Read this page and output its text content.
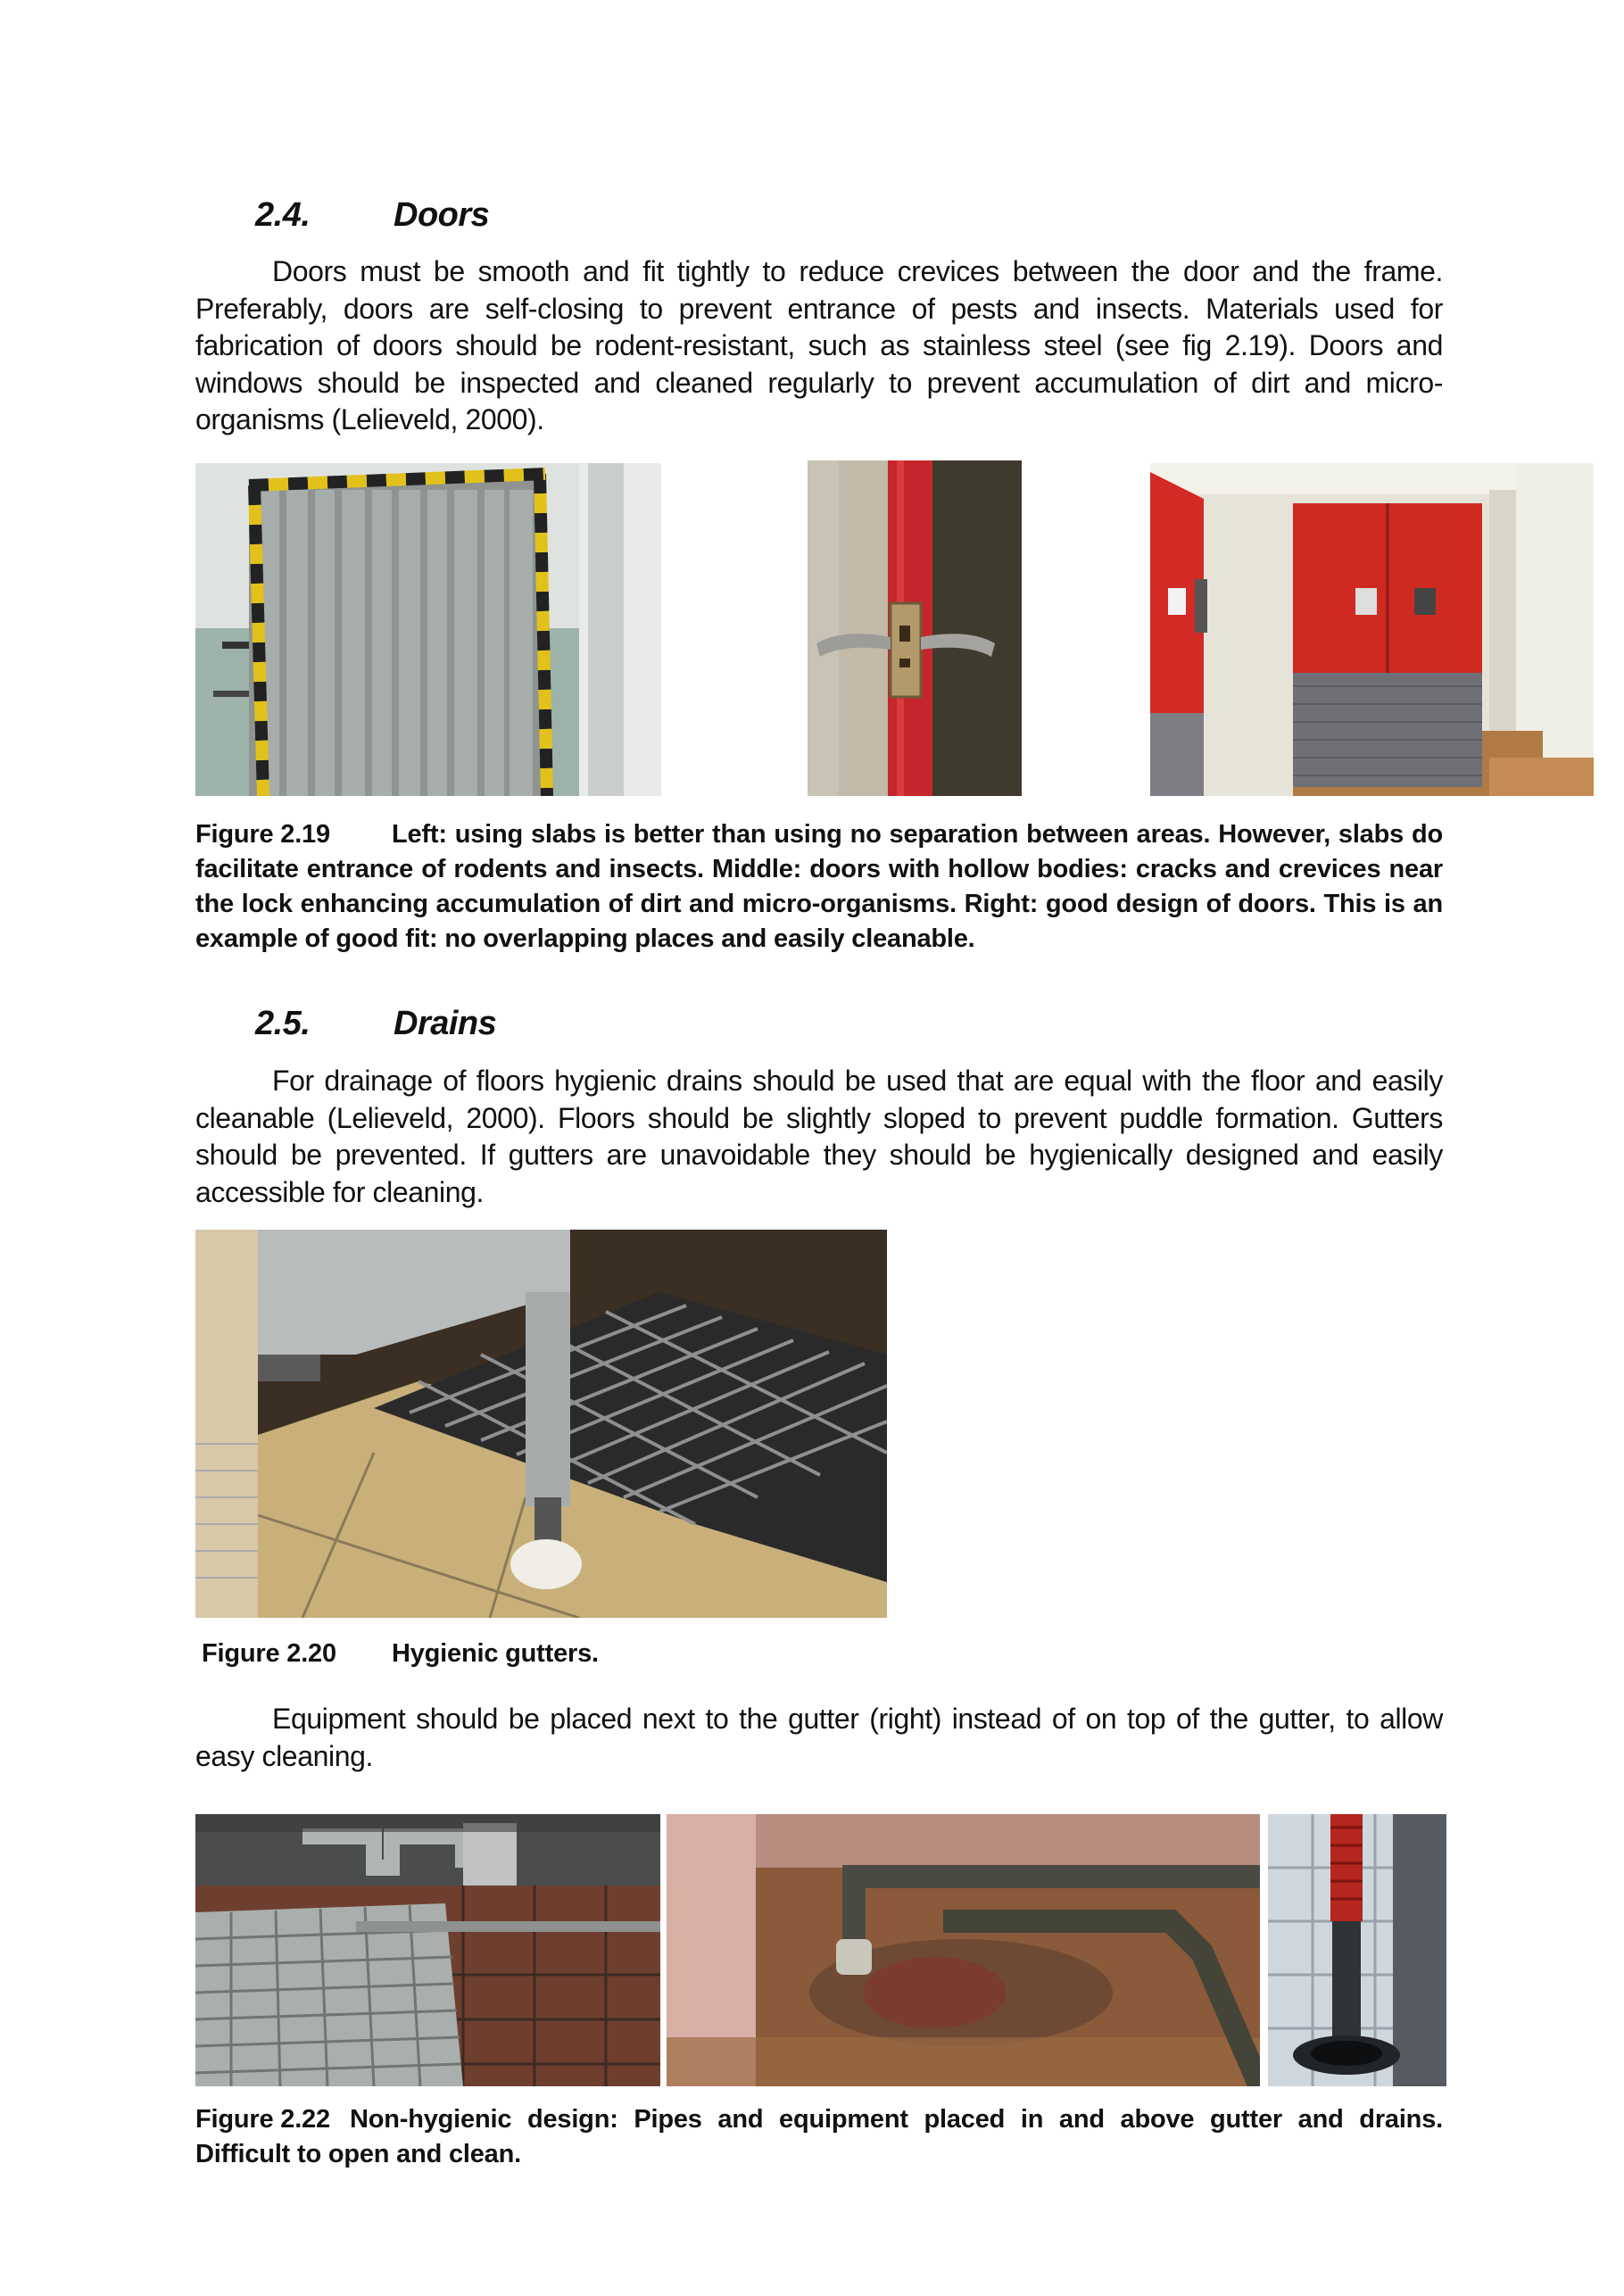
2.4. Doors

Doors must be smooth and fit tightly to reduce crevices between the door and the frame. Preferably, doors are self-closing to prevent entrance of pests and insects. Materials used for fabrication of doors should be rodent-resistant, such as stainless steel (see fig 2.19). Doors and windows should be inspected and cleaned regularly to prevent accumulation of dirt and micro-organisms (Lelieveld, 2000).

Figure 2.19 Left: using slabs is better than using no separation between areas. However, slabs do facilitate entrance of rodents and insects. Middle: doors with hollow bodies: cracks and crevices near the lock enhancing accumulation of dirt and micro-organisms. Right: good design of doors. This is an example of good fit: no overlapping places and easily cleanable.
2.5. Drains

For drainage of floors hygienic drains should be used that are equal with the floor and easily cleanable (Lelieveld, 2000). Floors should be slightly sloped to prevent puddle formation. Gutters should be prevented. If gutters are unavoidable they should be hygienically designed and easily accessible for cleaning.

Figure 2.20 Hygienic gutters.

Equipment should be placed next to the gutter (right) instead of on top of the gutter, to allow easy cleaning.

Figure 2.22 Non-hygienic design: Pipes and equipment placed in and above gutter and drains. Difficult to open and clean.
